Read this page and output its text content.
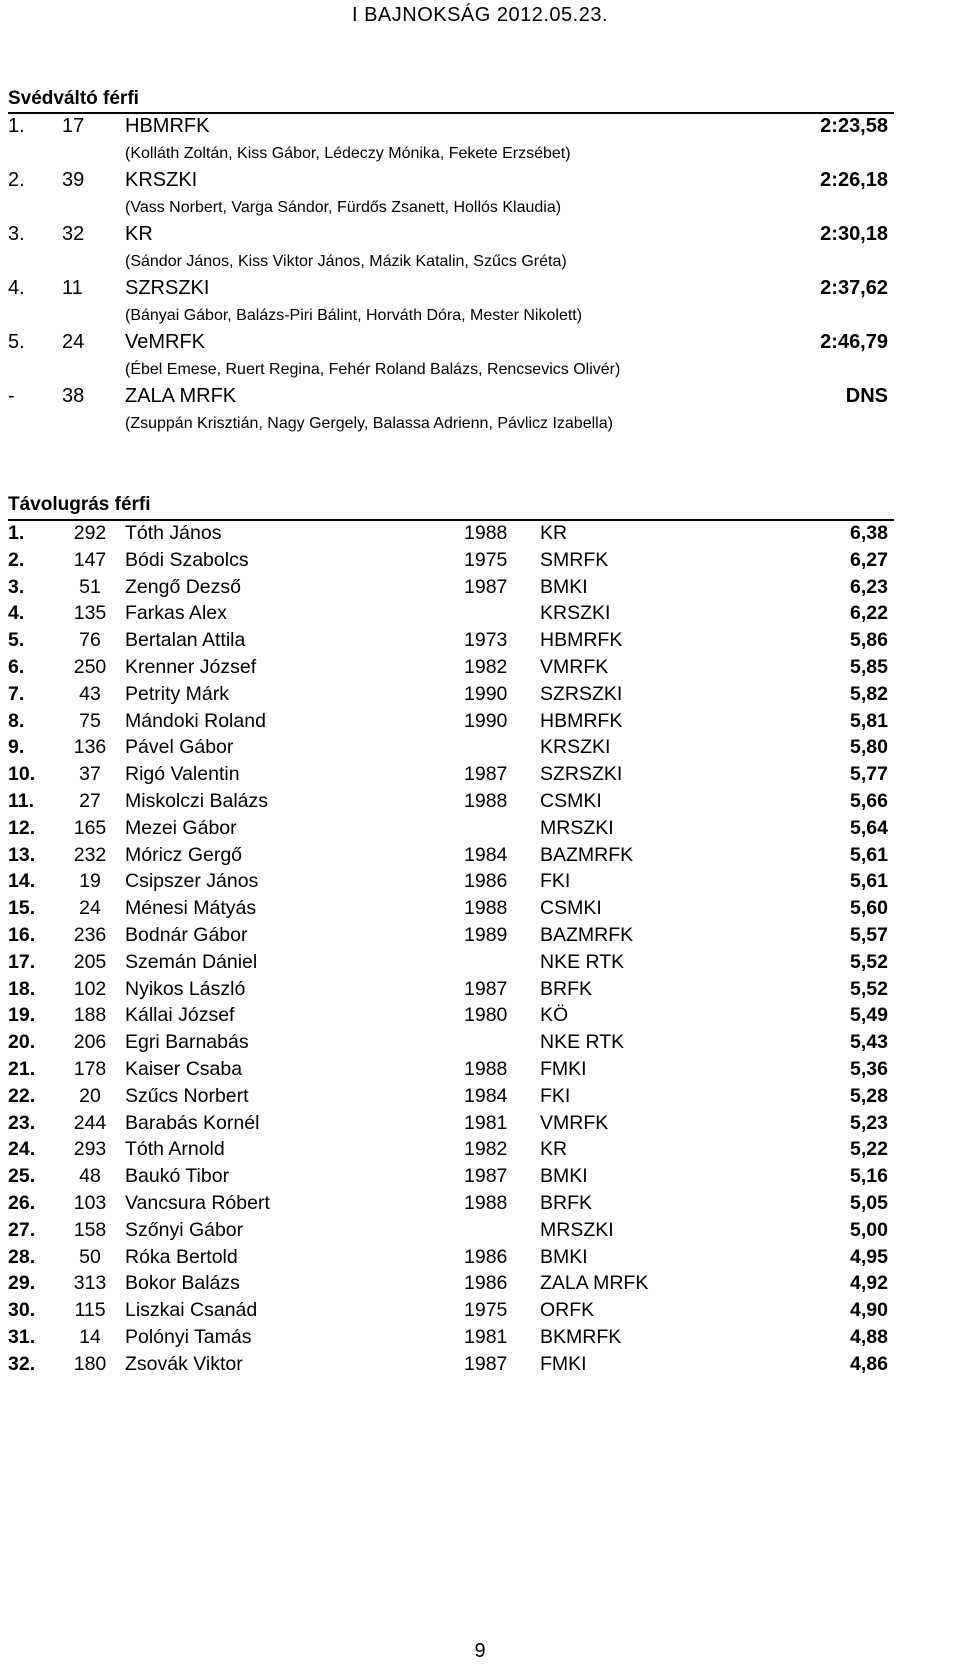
I BAJNOKSÁG 2012.05.23.
Svédváltó férfi
1. 17	HBMRFK	2:23,58
(Kolláth Zoltán, Kiss Gábor, Lédeczy Mónika, Fekete Erzsébet)
2. 39	KRSZKI	2:26,18
(Vass Norbert, Varga Sándor, Fürdős Zsanett, Hollós Klaudia)
3. 32	KR	2:30,18
(Sándor János, Kiss Viktor János, Mázik Katalin, Szűcs Gréta)
4. 11	SZRSZKI	2:37,62
(Bányai Gábor, Balázs-Piri Bálint, Horváth Dóra, Mester Nikolett)
5. 24	VeMRFK	2:46,79
(Ébel Emese, Ruert Regina, Fehér Roland Balázs, Rencsevics Olivér)
- 38	ZALA MRFK	DNS
(Zsuppán Krisztián, Nagy Gergely, Balassa Adrienn, Pávlicz Izabella)
Távolugrás férfi
1.	292 Tóth János	1988 KR	6,38
2.	147 Bódi Szabolcs	1975 SMRFK	6,27
3.	51	Zengő Dezső	1987 BMKI	6,23
4.	135 Farkas Alex	KRSZKI	6,22
5.	76	Bertalan Attila	1973 HBMRFK	5,86
6.	250 Krenner József	1982 VMRFK	5,85
7.	43	Petrity Márk	1990 SZRSZKI	5,82
8.	75	Mándoki Roland	1990 HBMRFK	5,81
9.	136 Pável Gábor	KRSZKI	5,80
10.	37	Rigó Valentin	1987 SZRSZKI	5,77
11.	27	Miskolczi Balázs	1988 CSMKI	5,66
12.	165 Mezei Gábor	MRSZKI	5,64
13.	232 Móricz Gergő	1984 BAZMRFK	5,61
14.	19	Csipszer János	1986 FKI	5,61
15.	24	Ménesi Mátyás	1988 CSMKI	5,60
16.	236 Bodnár Gábor	1989 BAZMRFK	5,57
17.	205 Szemán Dániel	NKE RTK	5,52
18.	102 Nyikos László	1987 BRFK	5,52
19.	188 Kállai József	1980 KÖ	5,49
20.	206 Egri Barnabás	NKE RTK	5,43
21.	178 Kaiser Csaba	1988 FMKI	5,36
22.	20	Szűcs Norbert	1984 FKI	5,28
23.	244 Barabás Kornél	1981 VMRFK	5,23
24.	293 Tóth Arnold	1982 KR	5,22
25.	48	Baukó Tibor	1987 BMKI	5,16
26.	103 Vancsura Róbert	1988 BRFK	5,05
27.	158 Szőnyi Gábor	MRSZKI	5,00
28.	50	Róka Bertold	1986 BMKI	4,95
29.	313 Bokor Balázs	1986 ZALA MRFK	4,92
30.	115 Liszkai Csanád	1975 ORFK	4,90
31.	14	Polónyi Tamás	1981 BKMRFK	4,88
32.	180 Zsovák Viktor	1987 FMKI	4,86
9
